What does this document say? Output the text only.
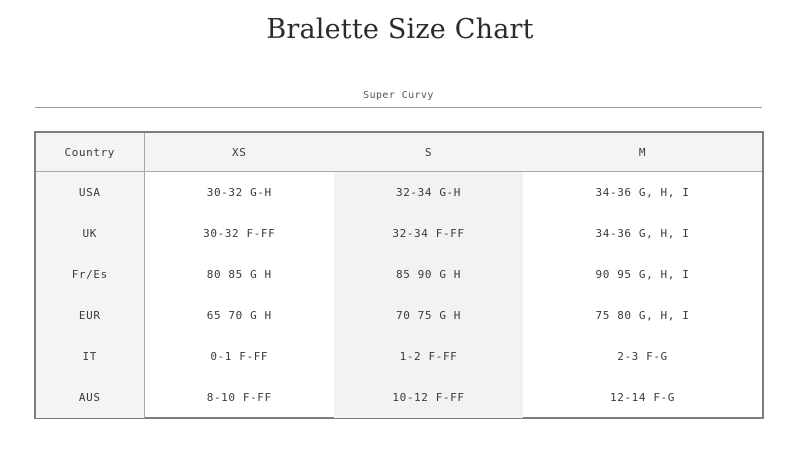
Bralette Size Chart
Super Curvy
Country	XS	S	M
USA	30-32 G-H	32-34 G-H	34-36 G, H, I
UK	30-32 F-FF	32-34 F-FF	34-36 G, H, I
Fr/Es	80 85 G H	85 90 G H	90 95 G, H, I
EUR	65 70 G H	70 75 G H	75 80 G, H, I
IT	0-1 F-FF	1-2 F-FF	2-3 F-G
AUS	8-10 F-FF	10-12 F-FF	12-14 F-G
